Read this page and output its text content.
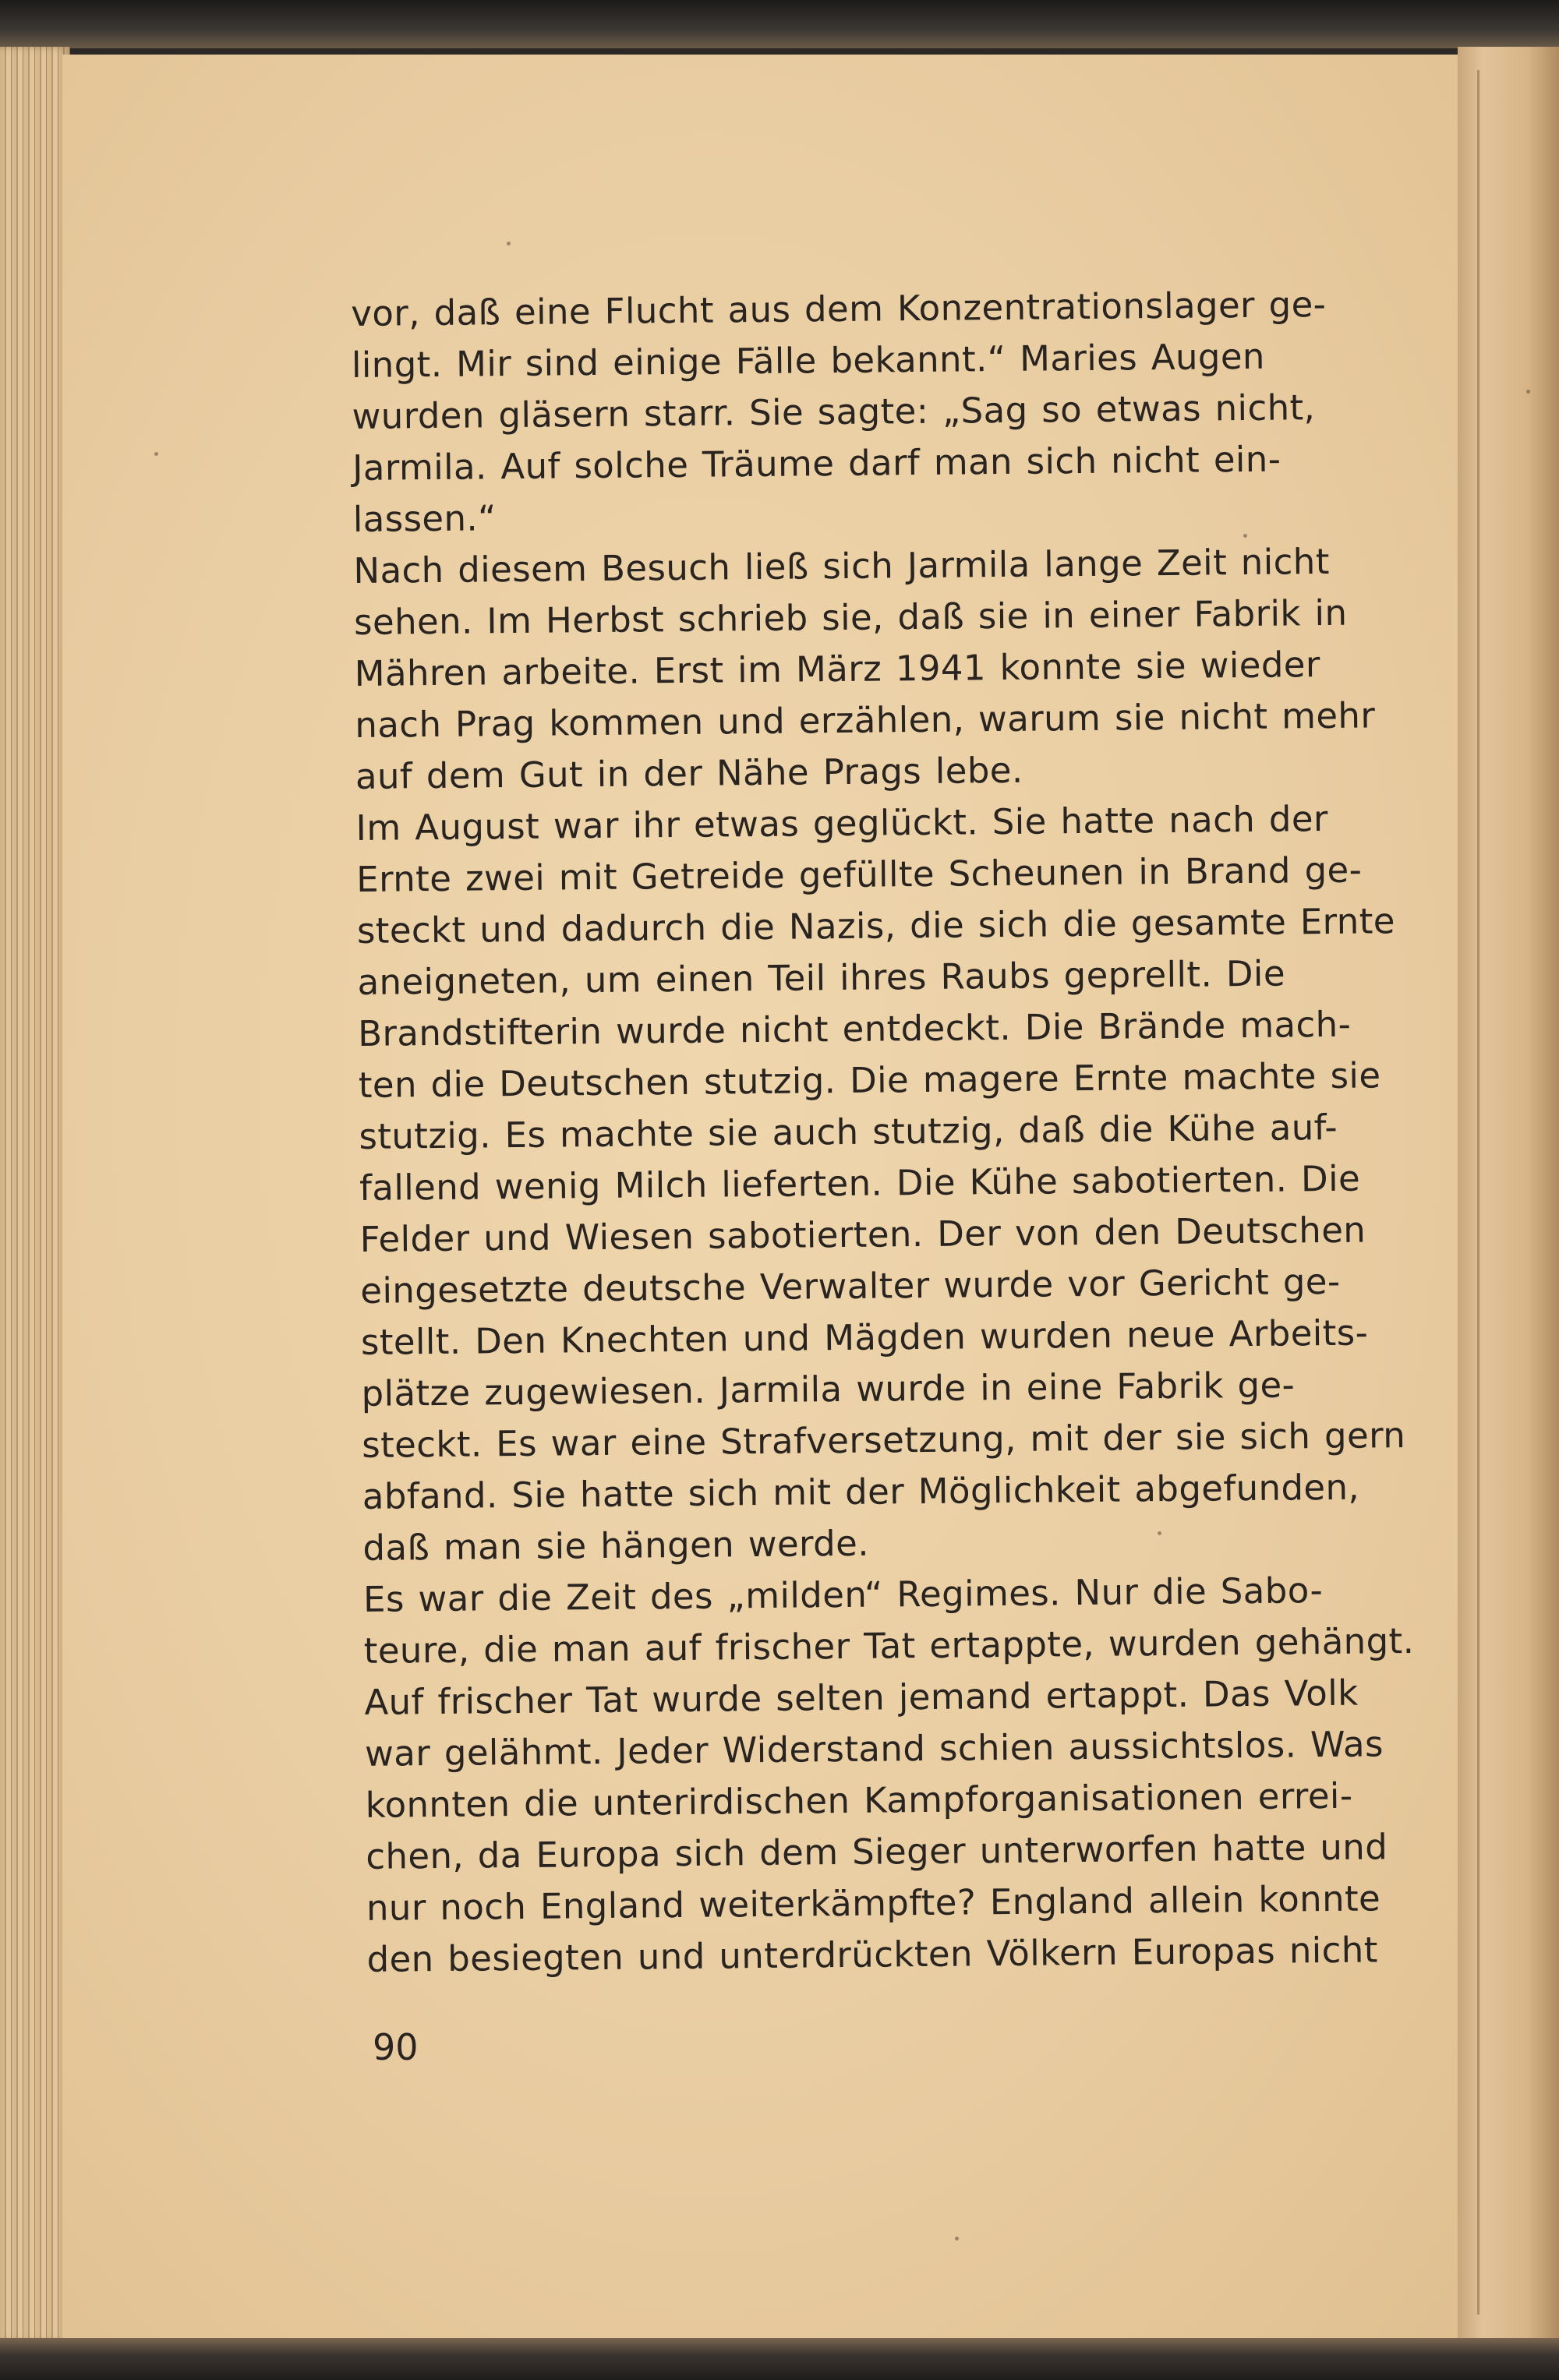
vor, daß eine Flucht aus dem Konzentrationslager ge-
lingt. Mir sind einige Fälle bekannt.“ Maries Augen
wurden gläsern starr. Sie sagte: „Sag so etwas nicht,
Jarmila. Auf solche Träume darf man sich nicht ein-
lassen.“
Nach diesem Besuch ließ sich Jarmila lange Zeit nicht
sehen. Im Herbst schrieb sie, daß sie in einer Fabrik in
Mähren arbeite. Erst im März 1941 konnte sie wieder
nach Prag kommen und erzählen, warum sie nicht mehr
auf dem Gut in der Nähe Prags lebe.
Im August war ihr etwas geglückt. Sie hatte nach der
Ernte zwei mit Getreide gefüllte Scheunen in Brand ge-
steckt und dadurch die Nazis, die sich die gesamte Ernte
aneigneten, um einen Teil ihres Raubs geprellt. Die
Brandstifterin wurde nicht entdeckt. Die Brände mach-
ten die Deutschen stutzig. Die magere Ernte machte sie
stutzig. Es machte sie auch stutzig, daß die Kühe auf-
fallend wenig Milch lieferten. Die Kühe sabotierten. Die
Felder und Wiesen sabotierten. Der von den Deutschen
eingesetzte deutsche Verwalter wurde vor Gericht ge-
stellt. Den Knechten und Mägden wurden neue Arbeits-
plätze zugewiesen. Jarmila wurde in eine Fabrik ge-
steckt. Es war eine Strafversetzung, mit der sie sich gern
abfand. Sie hatte sich mit der Möglichkeit abgefunden,
daß man sie hängen werde.
Es war die Zeit des „milden“ Regimes. Nur die Sabo-
teure, die man auf frischer Tat ertappte, wurden gehängt.
Auf frischer Tat wurde selten jemand ertappt. Das Volk
war gelähmt. Jeder Widerstand schien aussichtslos. Was
konnten die unterirdischen Kampforganisationen errei-
chen, da Europa sich dem Sieger unterworfen hatte und
nur noch England weiterkämpfte? England allein konnte
den besiegten und unterdrückten Völkern Europas nicht
90
